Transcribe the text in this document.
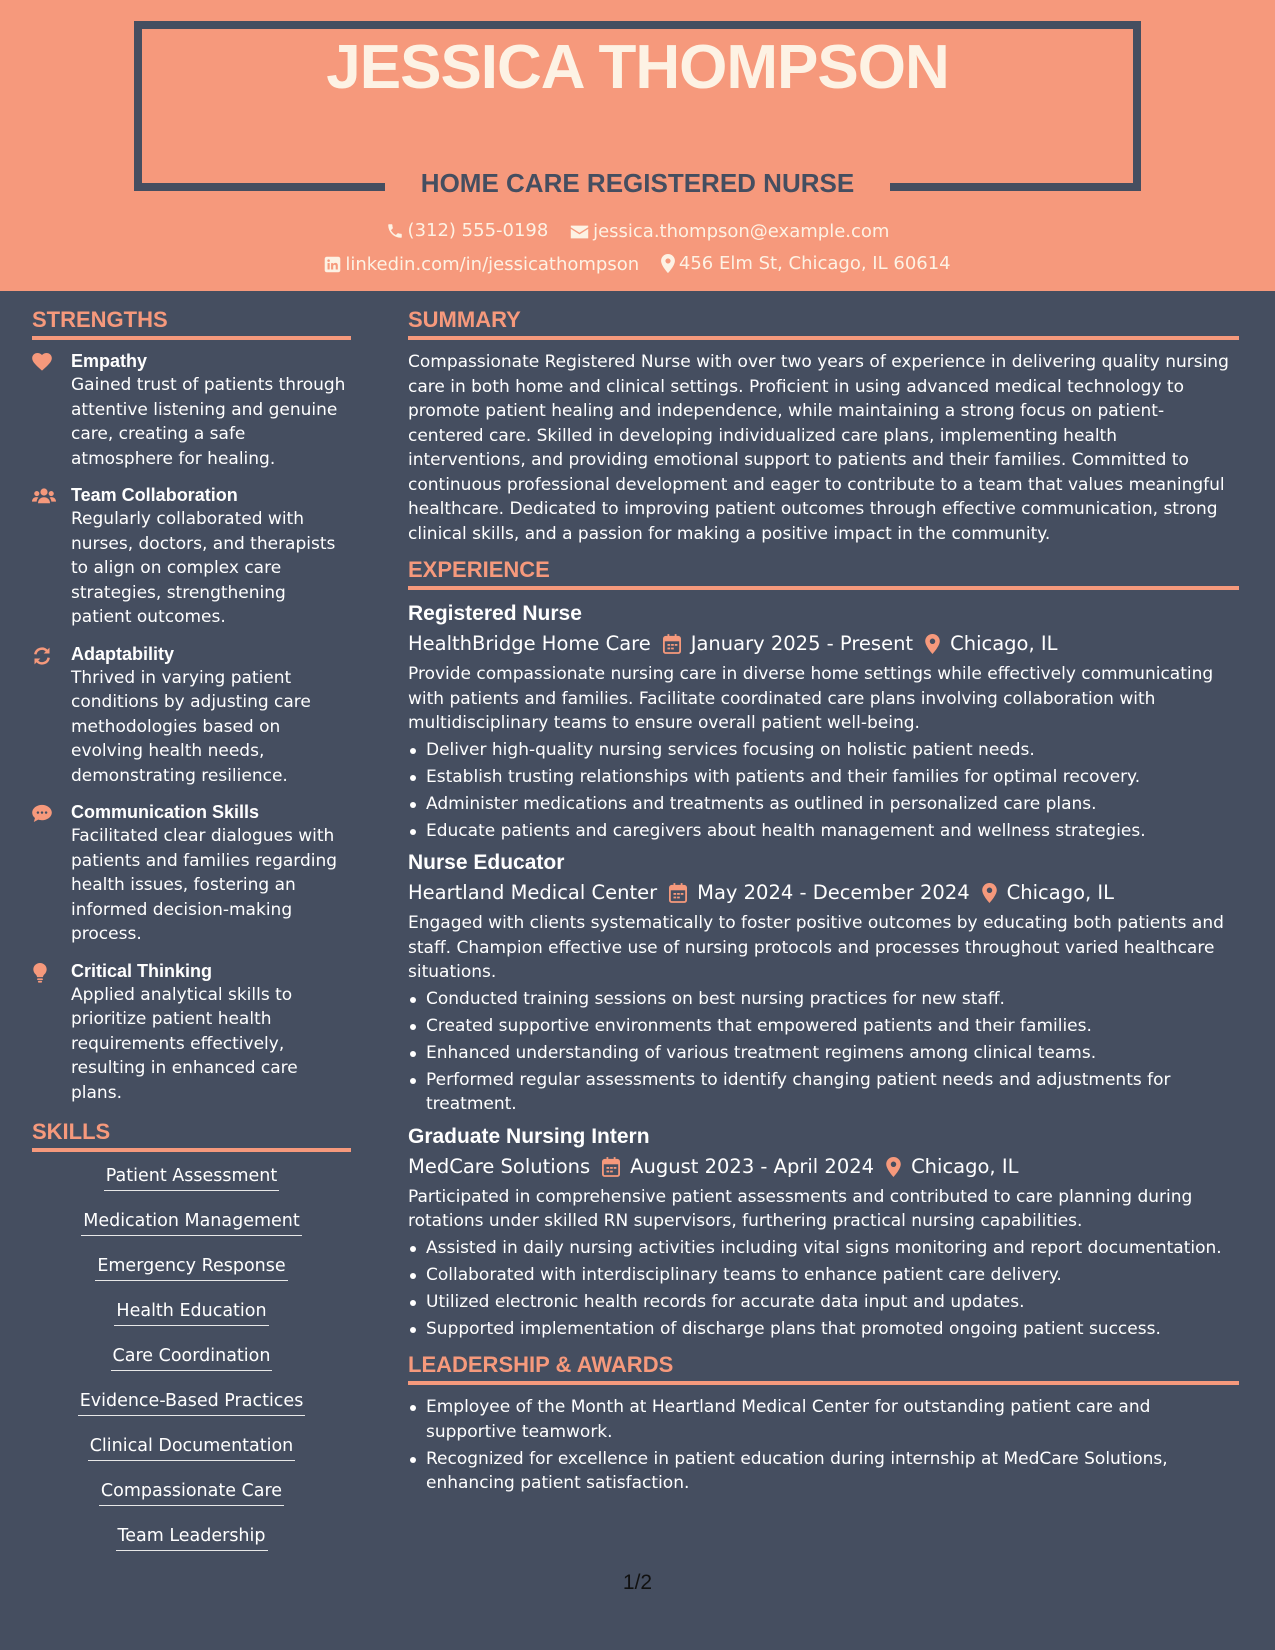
JESSICA THOMPSON
HOME CARE REGISTERED NURSE
(312) 555-0198
jessica.thompson@example.com
linkedin.com/in/jessicathompson
456 Elm St, Chicago, IL 60614
STRENGTHS
Empathy
Gained trust of patients through attentive listening and genuine care, creating a safe atmosphere for healing.
Team Collaboration
Regularly collaborated with nurses, doctors, and therapists to align on complex care strategies, strengthening patient outcomes.
Adaptability
Thrived in varying patient conditions by adjusting care methodologies based on evolving health needs, demonstrating resilience.
Communication Skills
Facilitated clear dialogues with patients and families regarding health issues, fostering an informed decision-making process.
Critical Thinking
Applied analytical skills to prioritize patient health requirements effectively, resulting in enhanced care plans.
SKILLS
Patient Assessment
Medication Management
Emergency Response
Health Education
Care Coordination
Evidence-Based Practices
Clinical Documentation
Compassionate Care
Team Leadership
SUMMARY
Compassionate Registered Nurse with over two years of experience in delivering quality nursing care in both home and clinical settings. Proficient in using advanced medical technology to promote patient healing and independence, while maintaining a strong focus on patient-centered care. Skilled in developing individualized care plans, implementing health interventions, and providing emotional support to patients and their families. Committed to continuous professional development and eager to contribute to a team that values meaningful healthcare. Dedicated to improving patient outcomes through effective communication, strong clinical skills, and a passion for making a positive impact in the community.
EXPERIENCE
Registered Nurse
HealthBridge Home Care January 2025 - Present Chicago, IL
Provide compassionate nursing care in diverse home settings while effectively communicating with patients and families. Facilitate coordinated care plans involving collaboration with multidisciplinary teams to ensure overall patient well-being.
Deliver high-quality nursing services focusing on holistic patient needs.
Establish trusting relationships with patients and their families for optimal recovery.
Administer medications and treatments as outlined in personalized care plans.
Educate patients and caregivers about health management and wellness strategies.
Nurse Educator
Heartland Medical Center May 2024 - December 2024 Chicago, IL
Engaged with clients systematically to foster positive outcomes by educating both patients and staff. Champion effective use of nursing protocols and processes throughout varied healthcare situations.
Conducted training sessions on best nursing practices for new staff.
Created supportive environments that empowered patients and their families.
Enhanced understanding of various treatment regimens among clinical teams.
Performed regular assessments to identify changing patient needs and adjustments for treatment.
Graduate Nursing Intern
MedCare Solutions August 2023 - April 2024 Chicago, IL
Participated in comprehensive patient assessments and contributed to care planning during rotations under skilled RN supervisors, furthering practical nursing capabilities.
Assisted in daily nursing activities including vital signs monitoring and report documentation.
Collaborated with interdisciplinary teams to enhance patient care delivery.
Utilized electronic health records for accurate data input and updates.
Supported implementation of discharge plans that promoted ongoing patient success.
LEADERSHIP & AWARDS
Employee of the Month at Heartland Medical Center for outstanding patient care and supportive teamwork.
Recognized for excellence in patient education during internship at MedCare Solutions, enhancing patient satisfaction.
1/2
